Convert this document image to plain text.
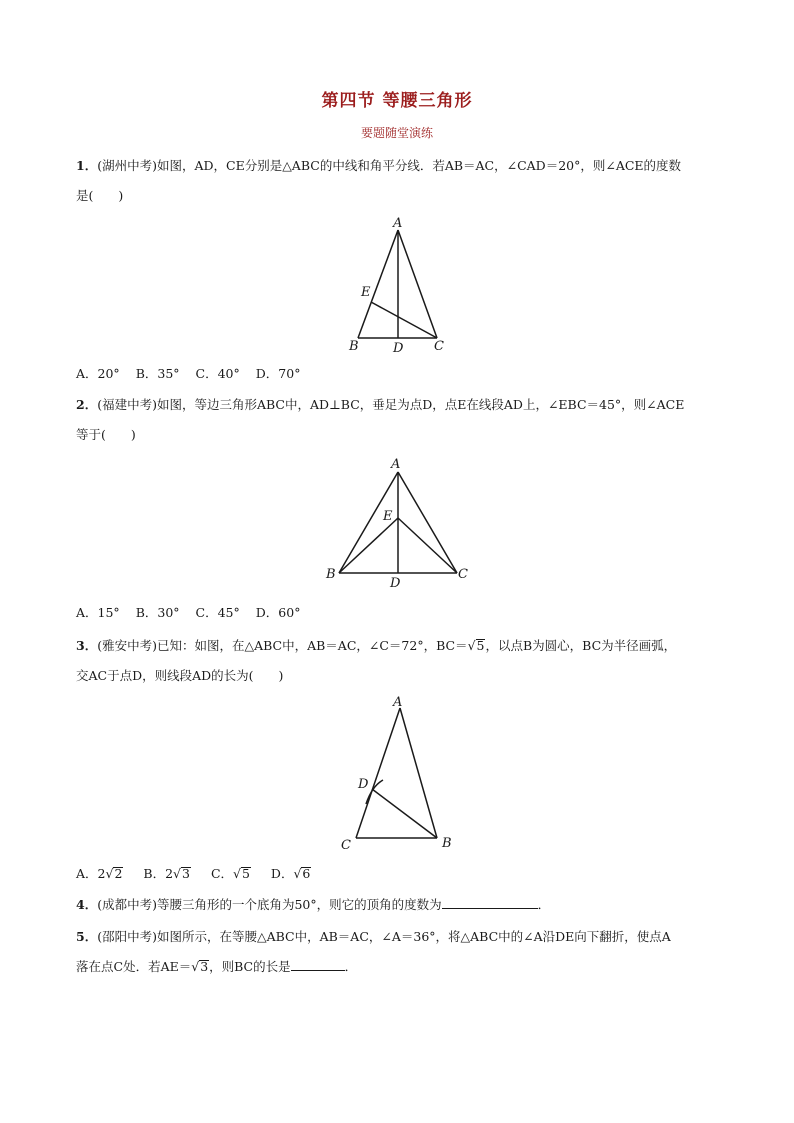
第四节 等腰三角形
要题随堂演练
1．(湖州中考)如图，AD，CE分别是△ABC的中线和角平分线．若AB＝AC，∠CAD＝20°，则∠ACE的度数
是(　　)
A
B	C
D
E
A．20° B．35° C．40° D．70°
2．(福建中考)如图，等边三角形ABC中，AD⊥BC，垂足为点D，点E在线段AD上，∠EBC＝45°，则∠ACE
等于(　　)
A
B	C
D
E
A．15° B．30° C．45° D．60°
3．(雅安中考)已知：如图，在△ABC中，AB＝AC，∠C＝72°，BC＝√5，以点B为圆心，BC为半径画弧，
交AC于点D，则线段AD的长为(　　)
A
B
C
D
A．2√2 B．2√3 C．√5 D．√6
4．(成都中考)等腰三角形的一个底角为50°，则它的顶角的度数为	．
5．(邵阳中考)如图所示，在等腰△ABC中，AB＝AC，∠A＝36°，将△ABC中的∠A沿DE向下翻折，使点A
落在点C处．若AE＝√3，则BC的长是	．
